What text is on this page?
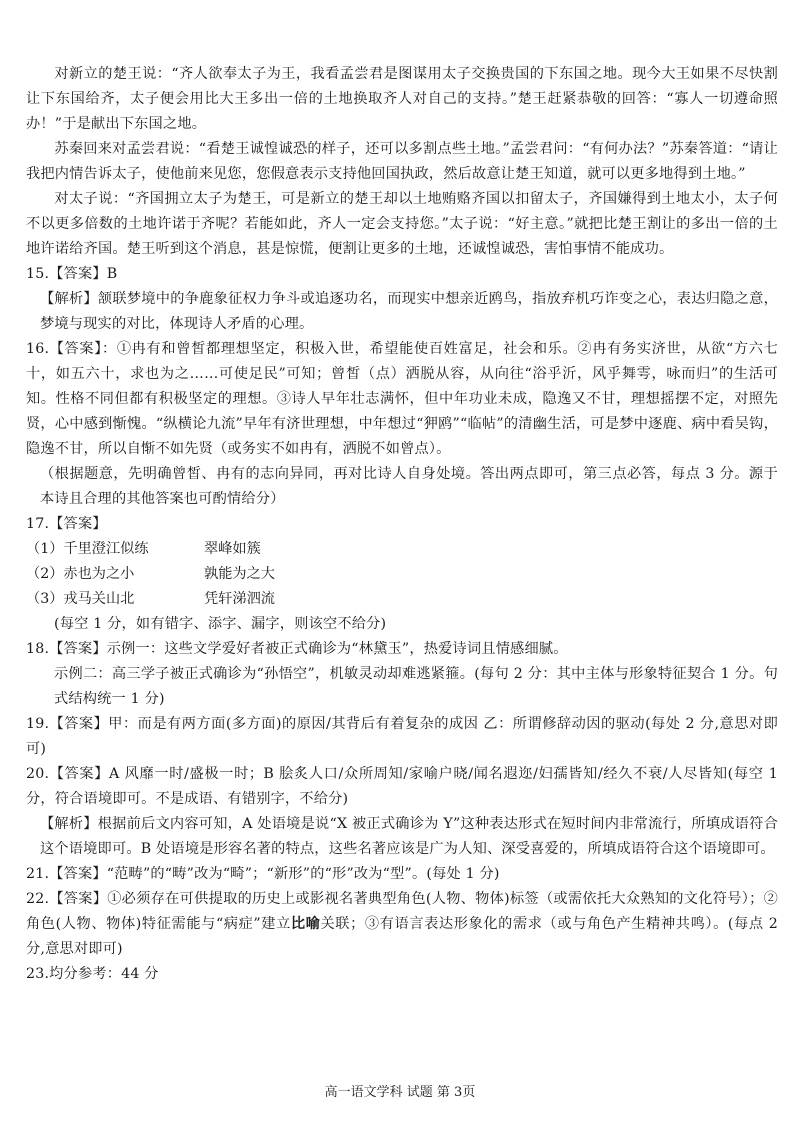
对新立的楚王说：“齐人欲奉太子为王，我看孟尝君是图谋用太子交换贵国的下东国之地。现今大王如果不尽快割让下东国给齐，太子便会用比大王多出一倍的土地换取齐人对自己的支持。”楚王赶紧恭敬的回答：“寡人一切遵命照办！”于是献出下东国之地。

苏秦回来对孟尝君说：“看楚王诚惶诚恐的样子，还可以多割点些土地。”孟尝君问：“有何办法？”苏秦答道：“请让我把内情告诉太子，使他前来见您，您假意表示支持他回国执政，然后故意让楚王知道，就可以更多地得到土地。”

对太子说：“齐国拥立太子为楚王，可是新立的楚王却以土地贿赂齐国以扣留太子，齐国嫌得到土地太小，太子何不以更多倍数的土地许诺于齐呢？若能如此，齐人一定会支持您。”太子说：“好主意。”就把比楚王割让的多出一倍的土地许诺给齐国。楚王听到这个消息，甚是惊慌，便割让更多的土地，还诚惶诚恐，害怕事情不能成功。

15.【答案】B

【解析】颔联梦境中的争鹿象征权力争斗或追逐功名，而现实中想亲近鸥鸟，指放弃机巧诈变之心，表达归隐之意，梦境与现实的对比，体现诗人矛盾的心理。

16.【答案】：①冉有和曾皙都理想坚定，积极入世，希望能使百姓富足，社会和乐。②冉有务实济世，从欲“方六七十，如五六十，求也为之……可使足民”可知；曾皙（点）洒脱从容，从向往“浴乎沂，风乎舞雩，咏而归”的生活可知。性格不同但都有积极坚定的理想。③诗人早年壮志满怀，但中年功业未成，隐逸又不甘，理想摇摆不定，对照先贤，心中感到惭愧。“纵横论九流”早年有济世理想，中年想过“狎鸥”“临帖”的清幽生活，可是梦中逐鹿、病中看吴钩，隐逸不甘，所以自惭不如先贤（或务实不如冉有，洒脱不如曾点）。

（根据题意，先明确曾皙、冉有的志向异同，再对比诗人自身处境。答出两点即可，第三点必答，每点 3 分。源于本诗且合理的其他答案也可酌情给分）

17.【答案】

（1）千里澄江似练	翠峰如簇
（2）赤也为之小	孰能为之大
（3）戎马关山北	凭轩涕泗流

(每空 1 分，如有错字、添字、漏字，则该空不给分)

18.【答案】示例一：这些文学爱好者被正式确诊为“林黛玉”，热爱诗词且情感细腻。

示例二：高三学子被正式确诊为“孙悟空”，机敏灵动却难逃紧箍。(每句 2 分：其中主体与形象特征契合 1 分。句式结构统一 1 分)

19.【答案】甲：而是有两方面(多方面)的原因/其背后有着复杂的成因 乙：所谓修辞动因的驱动(每处 2 分,意思对即可)

20.【答案】A 风靡一时/盛极一时；B 脍炙人口/众所周知/家喻户晓/闻名遐迩/妇孺皆知/经久不衰/人尽皆知(每空 1 分，符合语境即可。不是成语、有错别字，不给分)

【解析】根据前后文内容可知，A 处语境是说“X 被正式确诊为 Y”这种表达形式在短时间内非常流行，所填成语符合这个语境即可。B 处语境是形容名著的特点，这些名著应该是广为人知、深受喜爱的，所填成语符合这个语境即可。

21.【答案】“范畴”的“畴”改为“畸”；“新形”的“形”改为“型”。(每处 1 分)

22.【答案】①必须存在可供提取的历史上或影视名著典型角色(人物、物体)标签（或需依托大众熟知的文化符号）；②角色(人物、物体)特征需能与“病症”建立比喻关联；③有语言表达形象化的需求（或与角色产生精神共鸣）。(每点 2 分,意思对即可)

23.均分参考：44 分

高一语文学科 试题 第 3页
